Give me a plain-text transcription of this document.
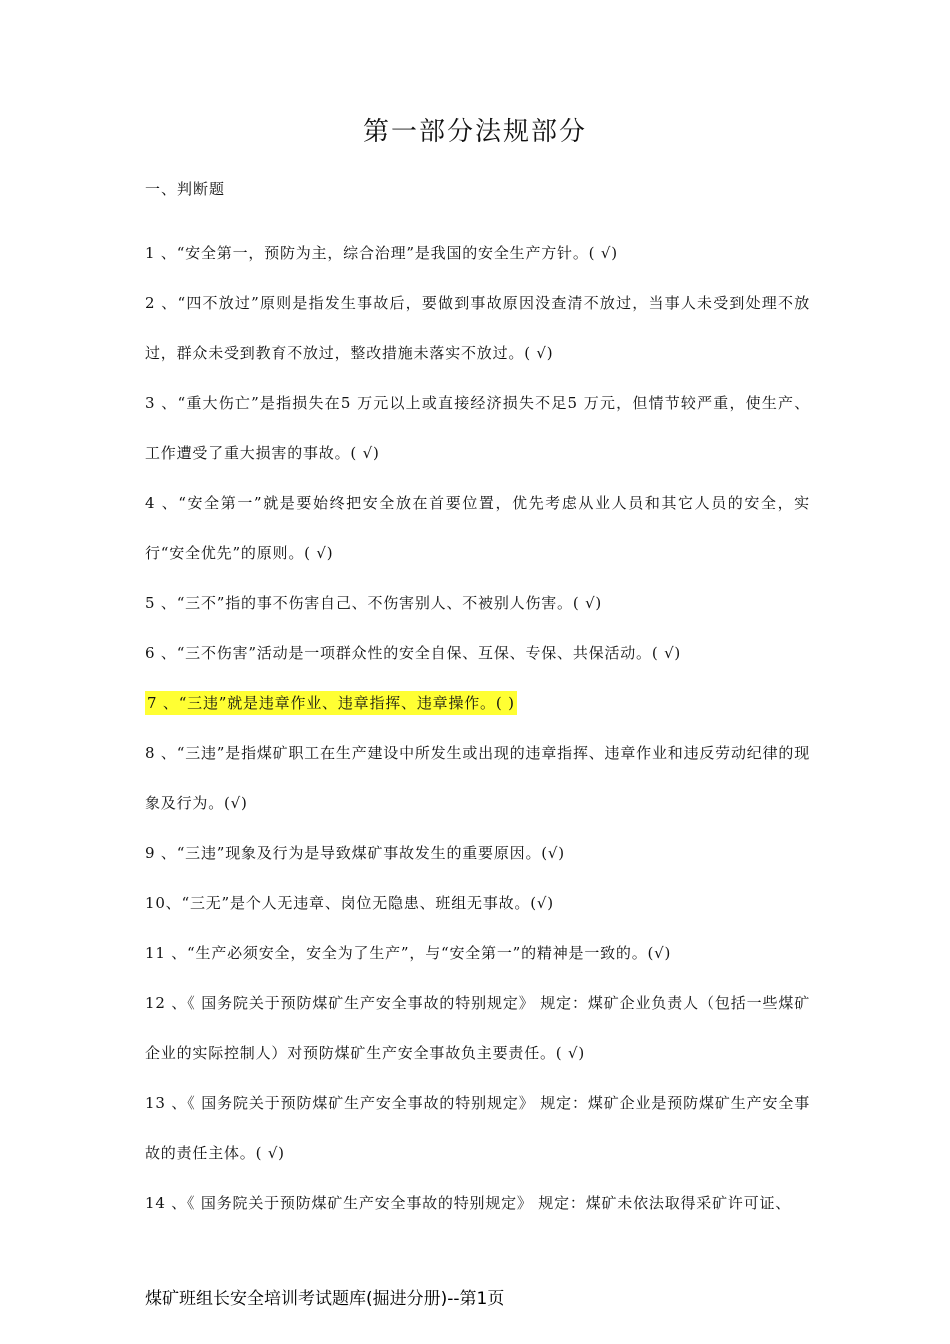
第一部分法规部分
一、判断题

1 、“安全第一，预防为主，综合治理”是我国的安全生产方针。( √)

2 、“四不放过”原则是指发生事故后，要做到事故原因没查清不放过，当事人未受到处理不放过，群众未受到教育不放过，整改措施未落实不放过。( √)

3 、“重大伤亡”是指损失在5 万元以上或直接经济损失不足5 万元，但情节较严重，使生产、工作遭受了重大损害的事故。( √)

4 、“安全第一”就是要始终把安全放在首要位置，优先考虑从业人员和其它人员的安全，实行“安全优先”的原则。( √)

5 、“三不”指的事不伤害自己、不伤害别人、不被别人伤害。( √)

6 、“三不伤害”活动是一项群众性的安全自保、互保、专保、共保活动。( √)

7 、“三违”就是违章作业、违章指挥、违章操作。( )

8 、“三违”是指煤矿职工在生产建设中所发生或出现的违章指挥、违章作业和违反劳动纪律的现象及行为。(√)

9 、“三违”现象及行为是导致煤矿事故发生的重要原因。(√)

10、“三无”是个人无违章、岗位无隐患、班组无事故。(√)

11 、“生产必须安全，安全为了生产”，与“安全第一”的精神是一致的。(√)

12 、《 国务院关于预防煤矿生产安全事故的特别规定》 规定：煤矿企业负责人（包括一些煤矿企业的实际控制人）对预防煤矿生产安全事故负主要责任。( √)

13 、《 国务院关于预防煤矿生产安全事故的特别规定》 规定：煤矿企业是预防煤矿生产安全事故的责任主体。( √)

14 、《 国务院关于预防煤矿生产安全事故的特别规定》 规定：煤矿未依法取得采矿许可证、

煤矿班组长安全培训考试题库(掘进分册)--第1页
